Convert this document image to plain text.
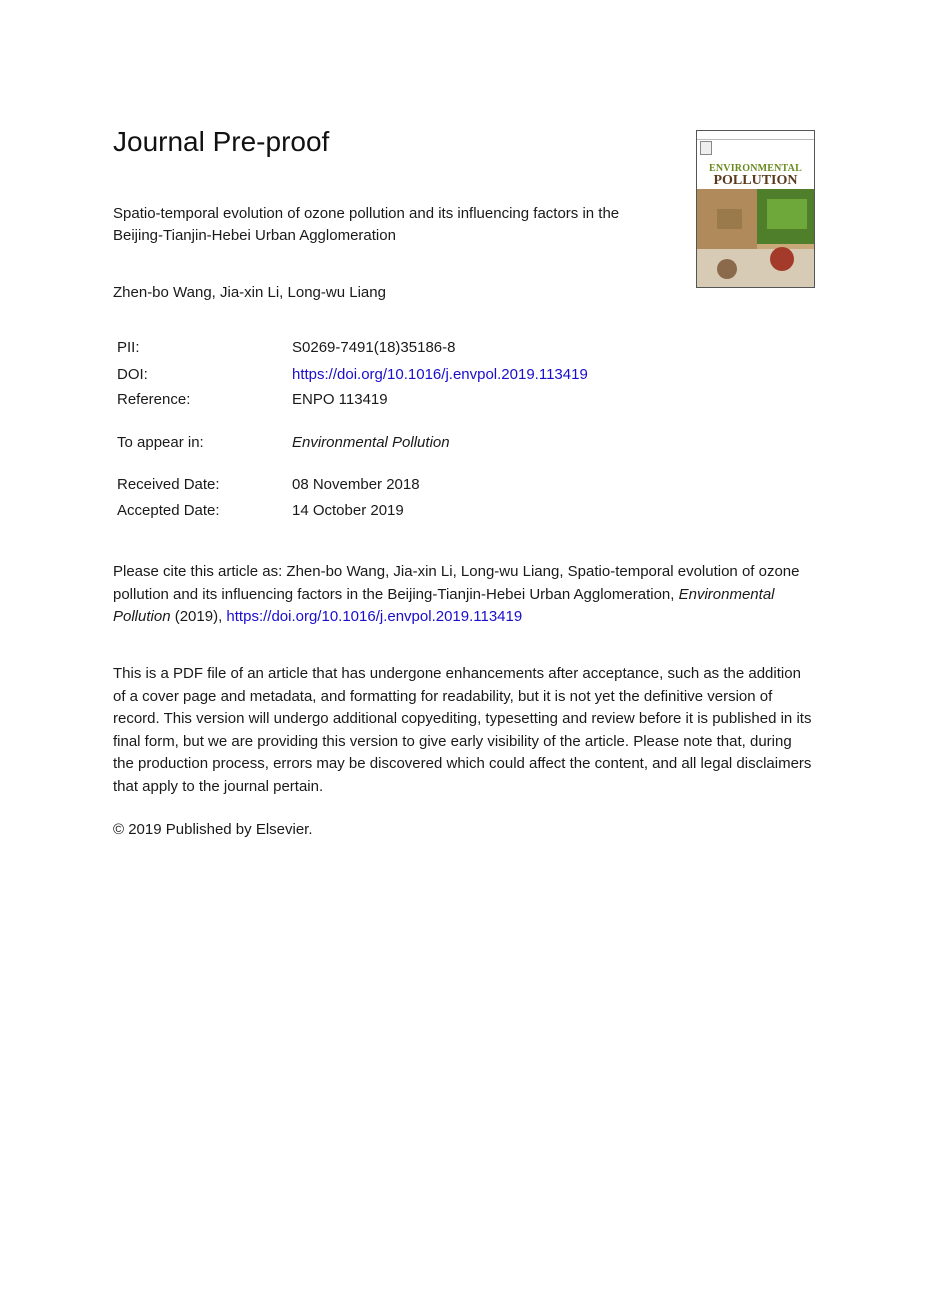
Journal Pre-proof
ENVIRONMENTAL
POLLUTION
Spatio-temporal evolution of ozone pollution and its influencing factors in the Beijing-Tianjin-Hebei Urban Agglomeration
Zhen-bo Wang, Jia-xin Li, Long-wu Liang
PII:	S0269-7491(18)35186-8
DOI:	https://doi.org/10.1016/j.envpol.2019.113419
Reference:	ENPO 113419
To appear in:	Environmental Pollution
Received Date:	08 November 2018
Accepted Date:	14 October 2019
Please cite this article as: Zhen-bo Wang, Jia-xin Li, Long-wu Liang, Spatio-temporal evolution of ozone pollution and its influencing factors in the Beijing-Tianjin-Hebei Urban Agglomeration, Environmental Pollution (2019), https://doi.org/10.1016/j.envpol.2019.113419
This is a PDF file of an article that has undergone enhancements after acceptance, such as the addition of a cover page and metadata, and formatting for readability, but it is not yet the definitive version of record. This version will undergo additional copyediting, typesetting and review before it is published in its final form, but we are providing this version to give early visibility of the article. Please note that, during the production process, errors may be discovered which could affect the content, and all legal disclaimers that apply to the journal pertain.
© 2019 Published by Elsevier.
